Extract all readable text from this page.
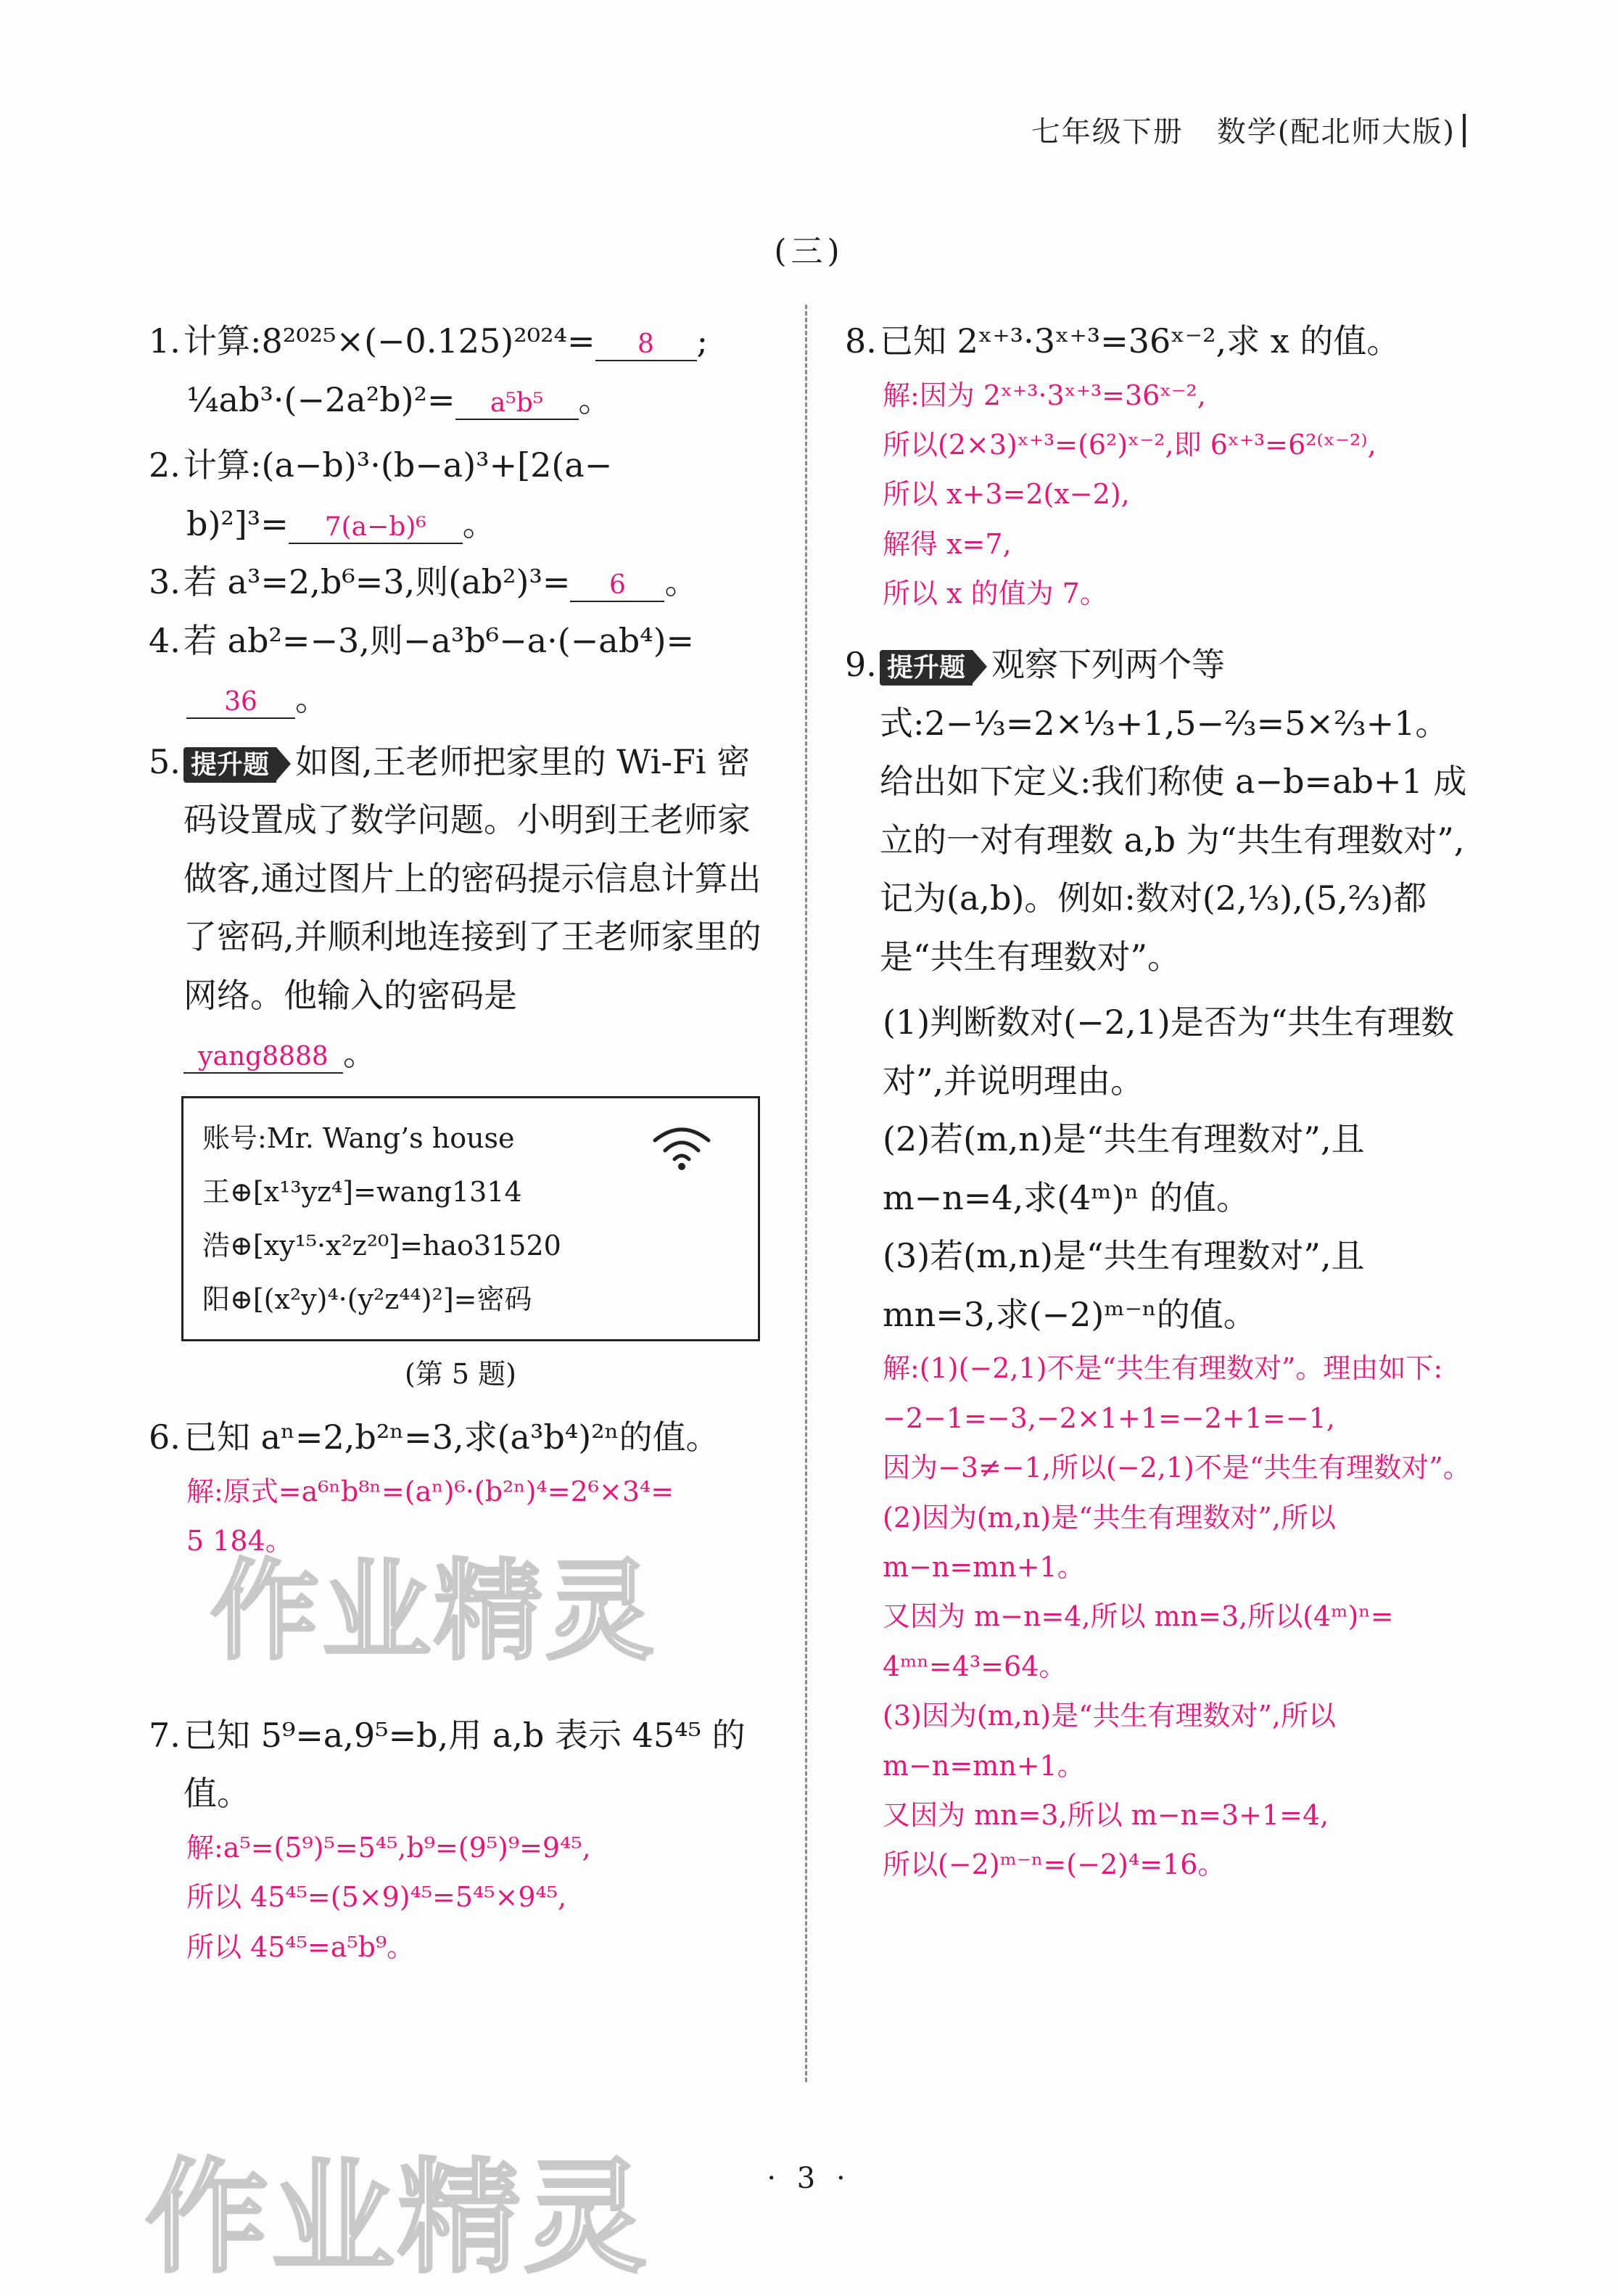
七年级下册 数学(配北师大版)
(三)
1.计算:8²⁰²⁵×(−0.125)²⁰²⁴= 8 ;
¼ab³·(−2a²b)²= a⁵b⁵ 。
2.计算:(a−b)³·(b−a)³+[2(a−
b)²]³= 7(a−b)⁶ 。
3.若 a³=2,b⁶=3,则(ab²)³= 6 。
4.若 ab²=−3,则−a³b⁶−a·(−ab⁴)=
36 。
5. 提升题 如图,王老师把家里的 Wi-Fi 密码设置成了数学问题。小明到王老师家做客,通过图片上的密码提示信息计算出了密码,并顺利地连接到了王老师家里的网络。他输入的密码是
yang8888 。
账号:Mr. Wang’s house
王⊕[x¹³yz⁴]=wang1314
浩⊕[xy¹⁵·x²z²⁰]=hao31520
阳⊕[(x²y)⁴·(y²z⁴⁴)²]=密码
(第 5 题)
6.已知 aⁿ=2,b²ⁿ=3,求(a³b⁴)²ⁿ的值。
解:原式=a⁶ⁿb⁸ⁿ=(aⁿ)⁶·(b²ⁿ)⁴=2⁶×3⁴=
5 184。
7. 已知 5⁹=a,9⁵=b,用 a,b 表示 45⁴⁵ 的值。
解:a⁵=(5⁹)⁵=5⁴⁵,b⁹=(9⁵)⁹=9⁴⁵,
所以 45⁴⁵=(5×9)⁴⁵=5⁴⁵×9⁴⁵,
所以 45⁴⁵=a⁵b⁹。
8.已知 2ˣ⁺³·3ˣ⁺³=36ˣ⁻²,求 x 的值。
解:因为 2ˣ⁺³·3ˣ⁺³=36ˣ⁻²,
所以(2×3)ˣ⁺³=(6²)ˣ⁻²,即 6ˣ⁺³=6²⁽ˣ⁻²⁾,
所以 x+3=2(x−2),
解得 x=7,
所以 x 的值为 7。
9. 提升题 观察下列两个等式:2−⅓=2×⅓+1,5−⅔=5×⅔+1。给出如下定义:我们称使 a−b=ab+1 成立的一对有理数 a,b 为“共生有理数对”,记为(a,b)。例如:数对(2,⅓),(5,⅔)都是“共生有理数对”。
(1)判断数对(−2,1)是否为“共生有理数对”,并说明理由。
(2)若(m,n)是“共生有理数对”,且 m−n=4,求(4ᵐ)ⁿ 的值。
(3)若(m,n)是“共生有理数对”,且 mn=3,求(−2)ᵐ⁻ⁿ的值。
解:(1)(−2,1)不是“共生有理数对”。理由如下:
−2−1=−3,−2×1+1=−2+1=−1,
因为−3≠−1,所以(−2,1)不是“共生有理数对”。
(2)因为(m,n)是“共生有理数对”,所以
m−n=mn+1。
又因为 m−n=4,所以 mn=3,所以(4ᵐ)ⁿ=
4ᵐⁿ=4³=64。
(3)因为(m,n)是“共生有理数对”,所以
m−n=mn+1。
又因为 mn=3,所以 m−n=3+1=4,
所以(−2)ᵐ⁻ⁿ=(−2)⁴=16。
· 3 ·
作业精灵
作业精灵
